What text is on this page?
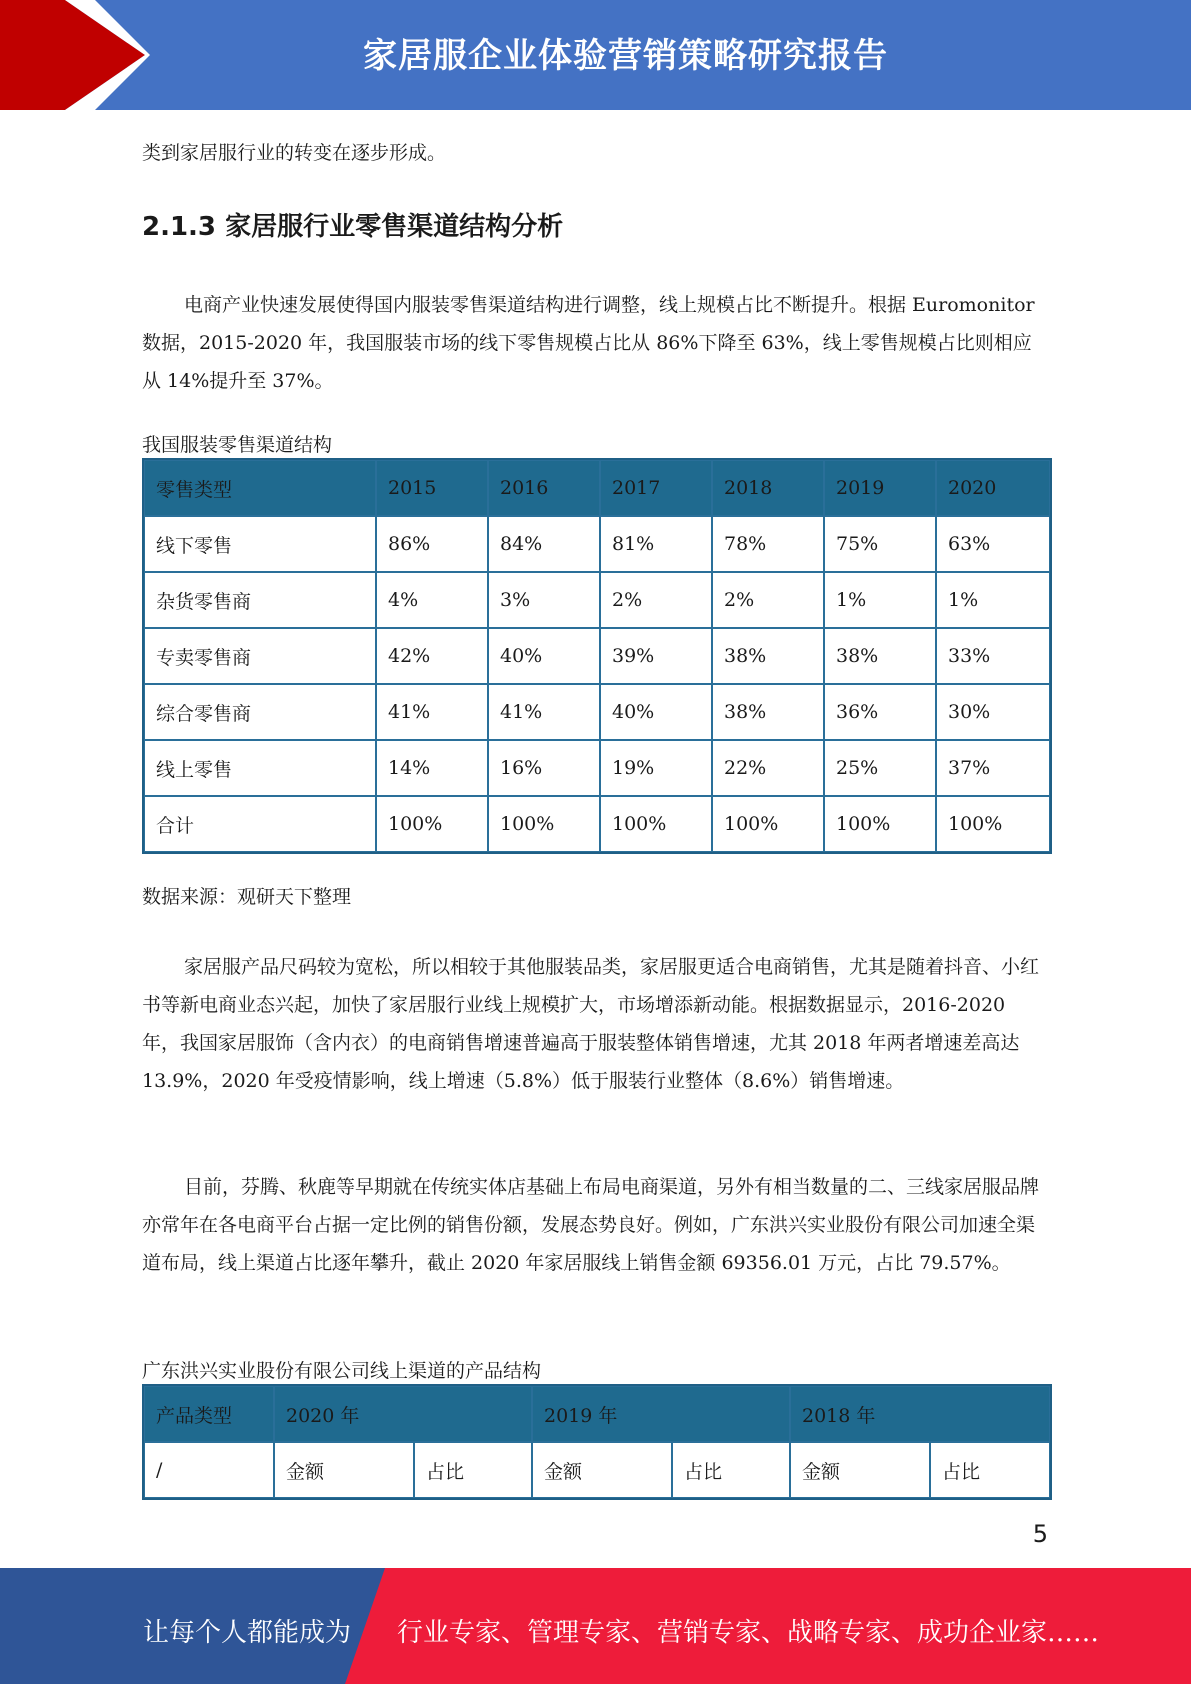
家居服企业体验营销策略研究报告

类到家居服行业的转变在逐步形成。

2.1.3 家居服行业零售渠道结构分析

电商产业快速发展使得国内服装零售渠道结构进行调整，线上规模占比不断提升。根据 Euromonitor 数据，2015-2020 年，我国服装市场的线下零售规模占比从 86%下降至 63%，线上零售规模占比则相应从 14%提升至 37%。

我国服装零售渠道结构
零售类型	2015	2016	2017	2018	2019	2020
线下零售	86%	84%	81%	78%	75%	63%
杂货零售商	4%	3%	2%	2%	1%	1%
专卖零售商	42%	40%	39%	38%	38%	33%
综合零售商	41%	41%	40%	38%	36%	30%
线上零售	14%	16%	19%	22%	25%	37%
合计	100%	100%	100%	100%	100%	100%
数据来源：观研天下整理

家居服产品尺码较为宽松，所以相较于其他服装品类，家居服更适合电商销售，尤其是随着抖音、小红书等新电商业态兴起，加快了家居服行业线上规模扩大，市场增添新动能。根据数据显示，2016-2020 年，我国家居服饰（含内衣）的电商销售增速普遍高于服装整体销售增速，尤其 2018 年两者增速差高达 13.9%，2020 年受疫情影响，线上增速（5.8%）低于服装行业整体（8.6%）销售增速。

目前，芬腾、秋鹿等早期就在传统实体店基础上布局电商渠道，另外有相当数量的二、三线家居服品牌亦常年在各电商平台占据一定比例的销售份额，发展态势良好。例如，广东洪兴实业股份有限公司加速全渠道布局，线上渠道占比逐年攀升，截止 2020 年家居服线上销售金额 69356.01 万元，占比 79.57%。

广东洪兴实业股份有限公司线上渠道的产品结构
产品类型	2020 年		2019 年		2018 年	
/	金额	占比	金额	占比	金额	占比
5
让每个人都能成为 行业专家、管理专家、营销专家、战略专家、成功企业家……
